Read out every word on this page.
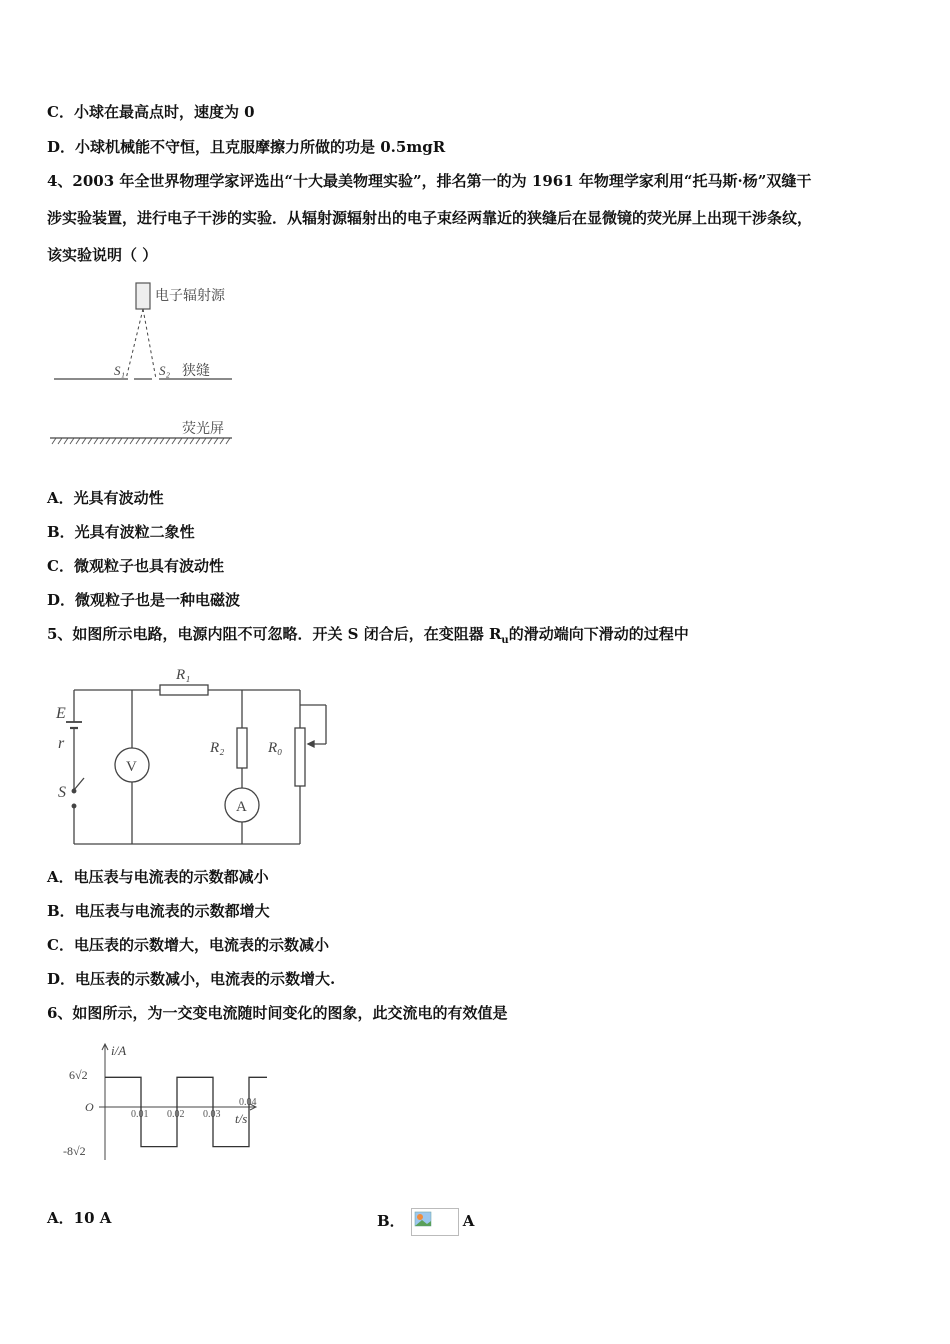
C．小球在最高点时，速度为 0
D．小球机械能不守恒，且克服摩擦力所做的功是 0.5mgR
4、2003 年全世界物理学家评选出“十大最美物理实验”，排名第一的为 1961 年物理学家利用“托马斯·杨”双缝干
涉实验装置，进行电子干涉的实验．从辐射源辐射出的电子束经两靠近的狭缝后在显微镜的荧光屏上出现干涉条纹，
该实验说明（ ）
电子辐射源
S₁	S₂ 狭缝
荧光屏
A．光具有波动性
B．光具有波粒二象性
C．微观粒子也具有波动性
D．微观粒子也是一种电磁波
5、如图所示电路，电源内阻不可忽略．开关 S 闭合后，在变阻器 $R_u$的滑动端向下滑动的过程中
R₁
E
r
S
V
R₂
A
R₀
A．电压表与电流表的示数都减小
B．电压表与电流表的示数都增大
C．电压表的示数增大，电流表的示数减小
D．电压表的示数减小，电流表的示数增大.
6、如图所示，为一交变电流随时间变化的图象，此交流电的有效值是
i/A
t/s
6√2
O
-8√2
0.01 0.02 0.03
0.04
A．10 A	B．	A
